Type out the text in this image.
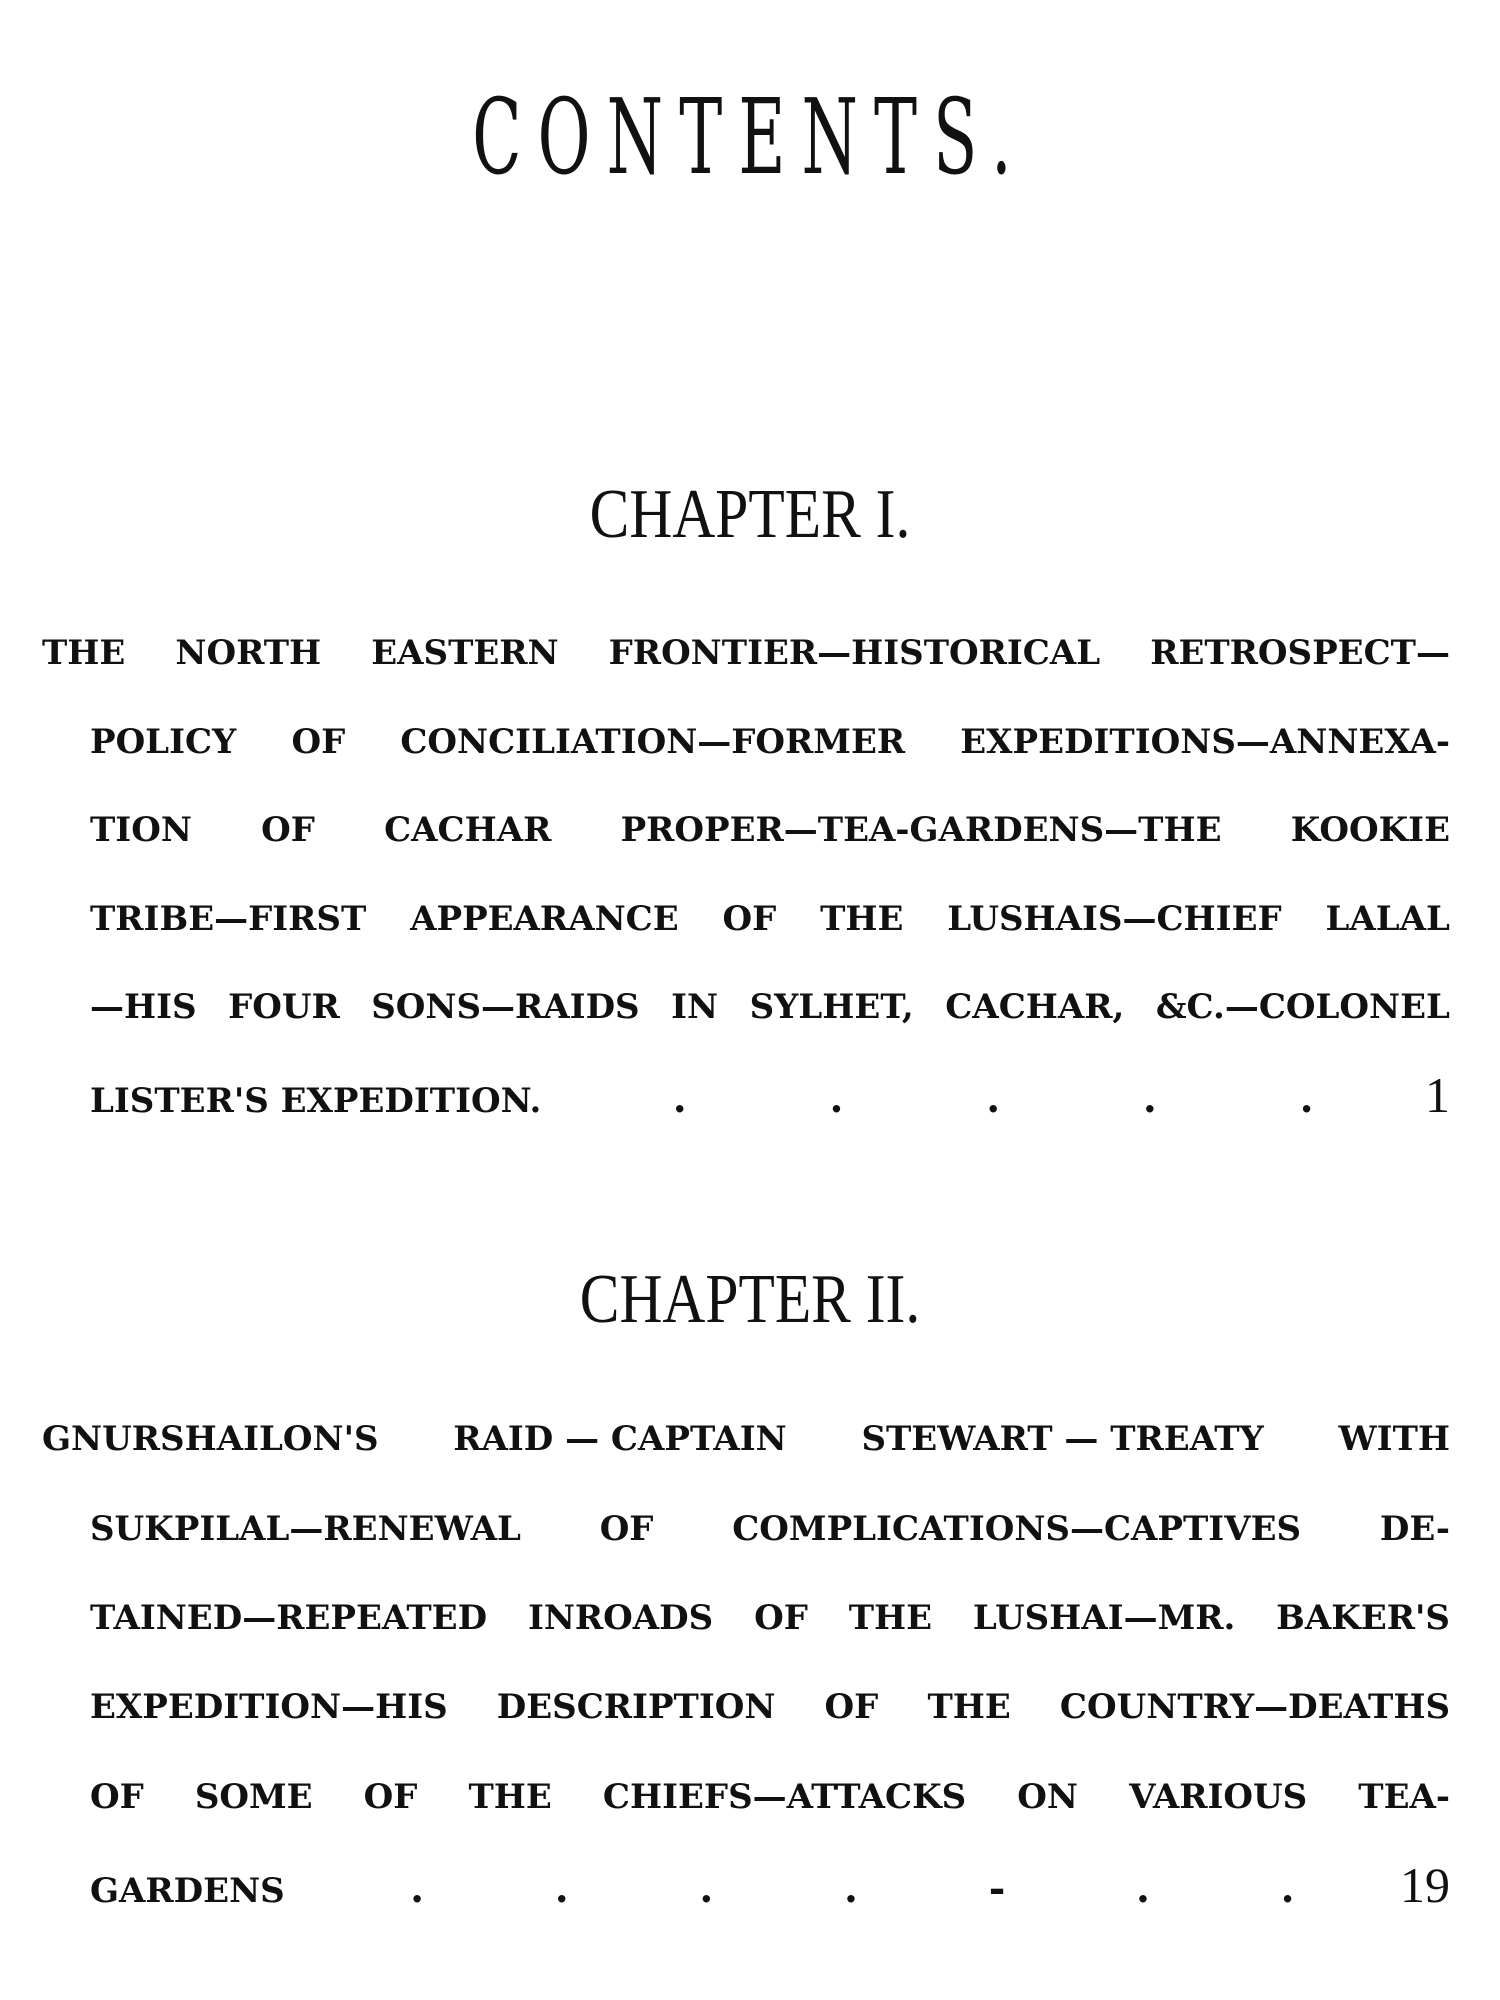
CONTENTS.
CHAPTER I.
THE NORTH EASTERN FRONTIER—HISTORICAL RETROSPECT—
POLICY OF CONCILIATION—FORMER EXPEDITIONS—ANNEXA-
TION OF CACHAR PROPER—TEA-GARDENS—THE KOOKIE
TRIBE—FIRST APPEARANCE OF THE LUSHAIS—CHIEF LALAL
—HIS FOUR SONS—RAIDS IN SYLHET, CACHAR, &C.—COLONEL
LISTER'S EXPEDITION.	.	.	.	.	. 1
CHAPTER II.
GNURSHAILON'S RAID — CAPTAIN STEWART — TREATY WITH
SUKPILAL—RENEWAL OF COMPLICATIONS—CAPTIVES DE-
TAINED—REPEATED INROADS OF THE LUSHAI—MR. BAKER'S
EXPEDITION—HIS DESCRIPTION OF THE COUNTRY—DEATHS
OF SOME OF THE CHIEFS—ATTACKS ON VARIOUS TEA-
GARDENS	.	.	.	.	-	.	. 19
